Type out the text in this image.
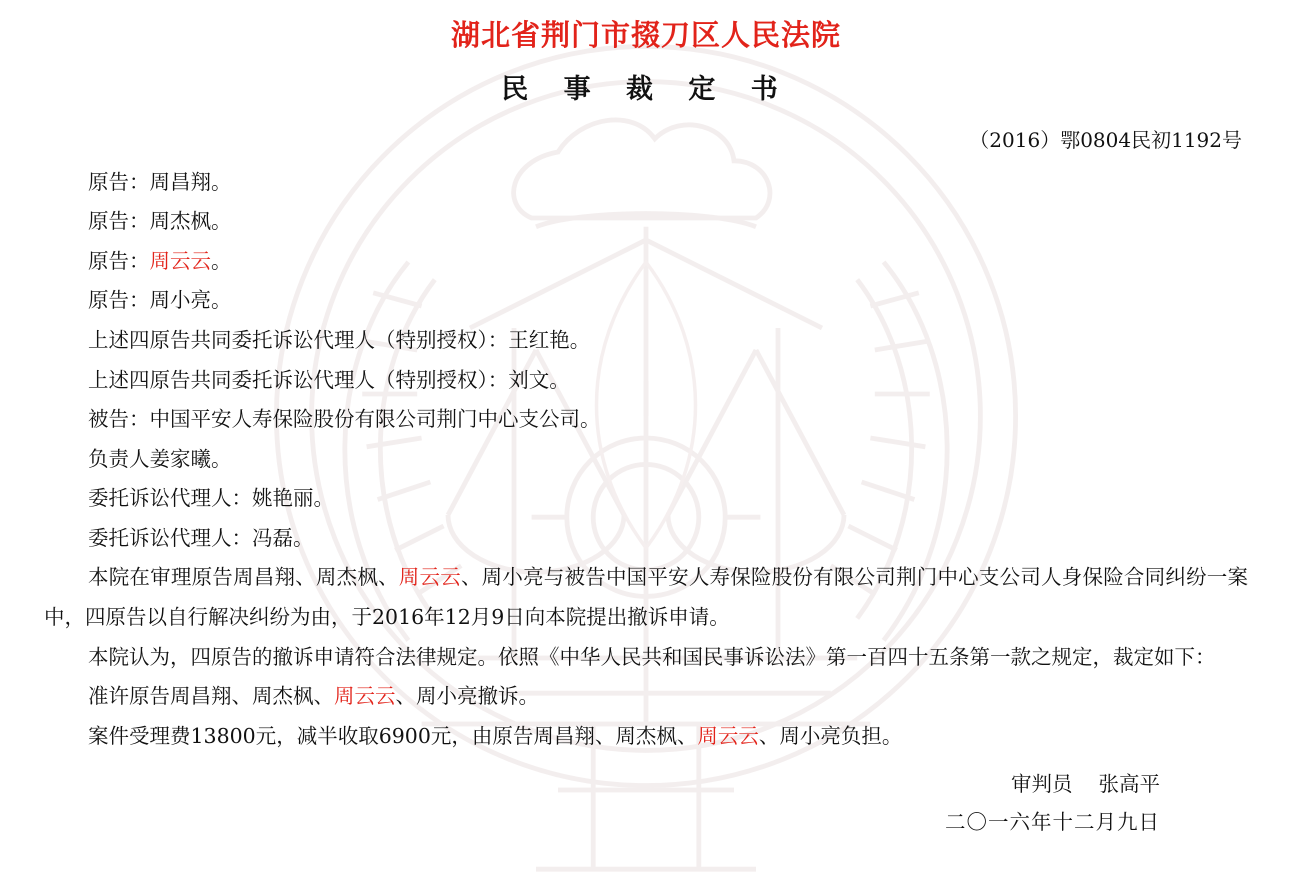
湖北省荆门市掇刀区人民法院
民 事 裁 定 书
（2016）鄂0804民初1192号
原告：周昌翔。
原告：周杰枫。
原告：周云云。
原告：周小亮。
上述四原告共同委托诉讼代理人（特别授权）：王红艳。
上述四原告共同委托诉讼代理人（特别授权）：刘文。
被告：中国平安人寿保险股份有限公司荆门中心支公司。
负责人姜家曦。
委托诉讼代理人：姚艳丽。
委托诉讼代理人：冯磊。
本院在审理原告周昌翔、周杰枫、周云云、周小亮与被告中国平安人寿保险股份有限公司荆门中心支公司人身保险合同纠纷一案中，四原告以自行解决纠纷为由，于2016年12月9日向本院提出撤诉申请。
本院认为，四原告的撤诉申请符合法律规定。依照《中华人民共和国民事诉讼法》第一百四十五条第一款之规定，裁定如下：
准许原告周昌翔、周杰枫、周云云、周小亮撤诉。
案件受理费13800元，减半收取6900元，由原告周昌翔、周杰枫、周云云、周小亮负担。
审判员 张高平
二〇一六年十二月九日
